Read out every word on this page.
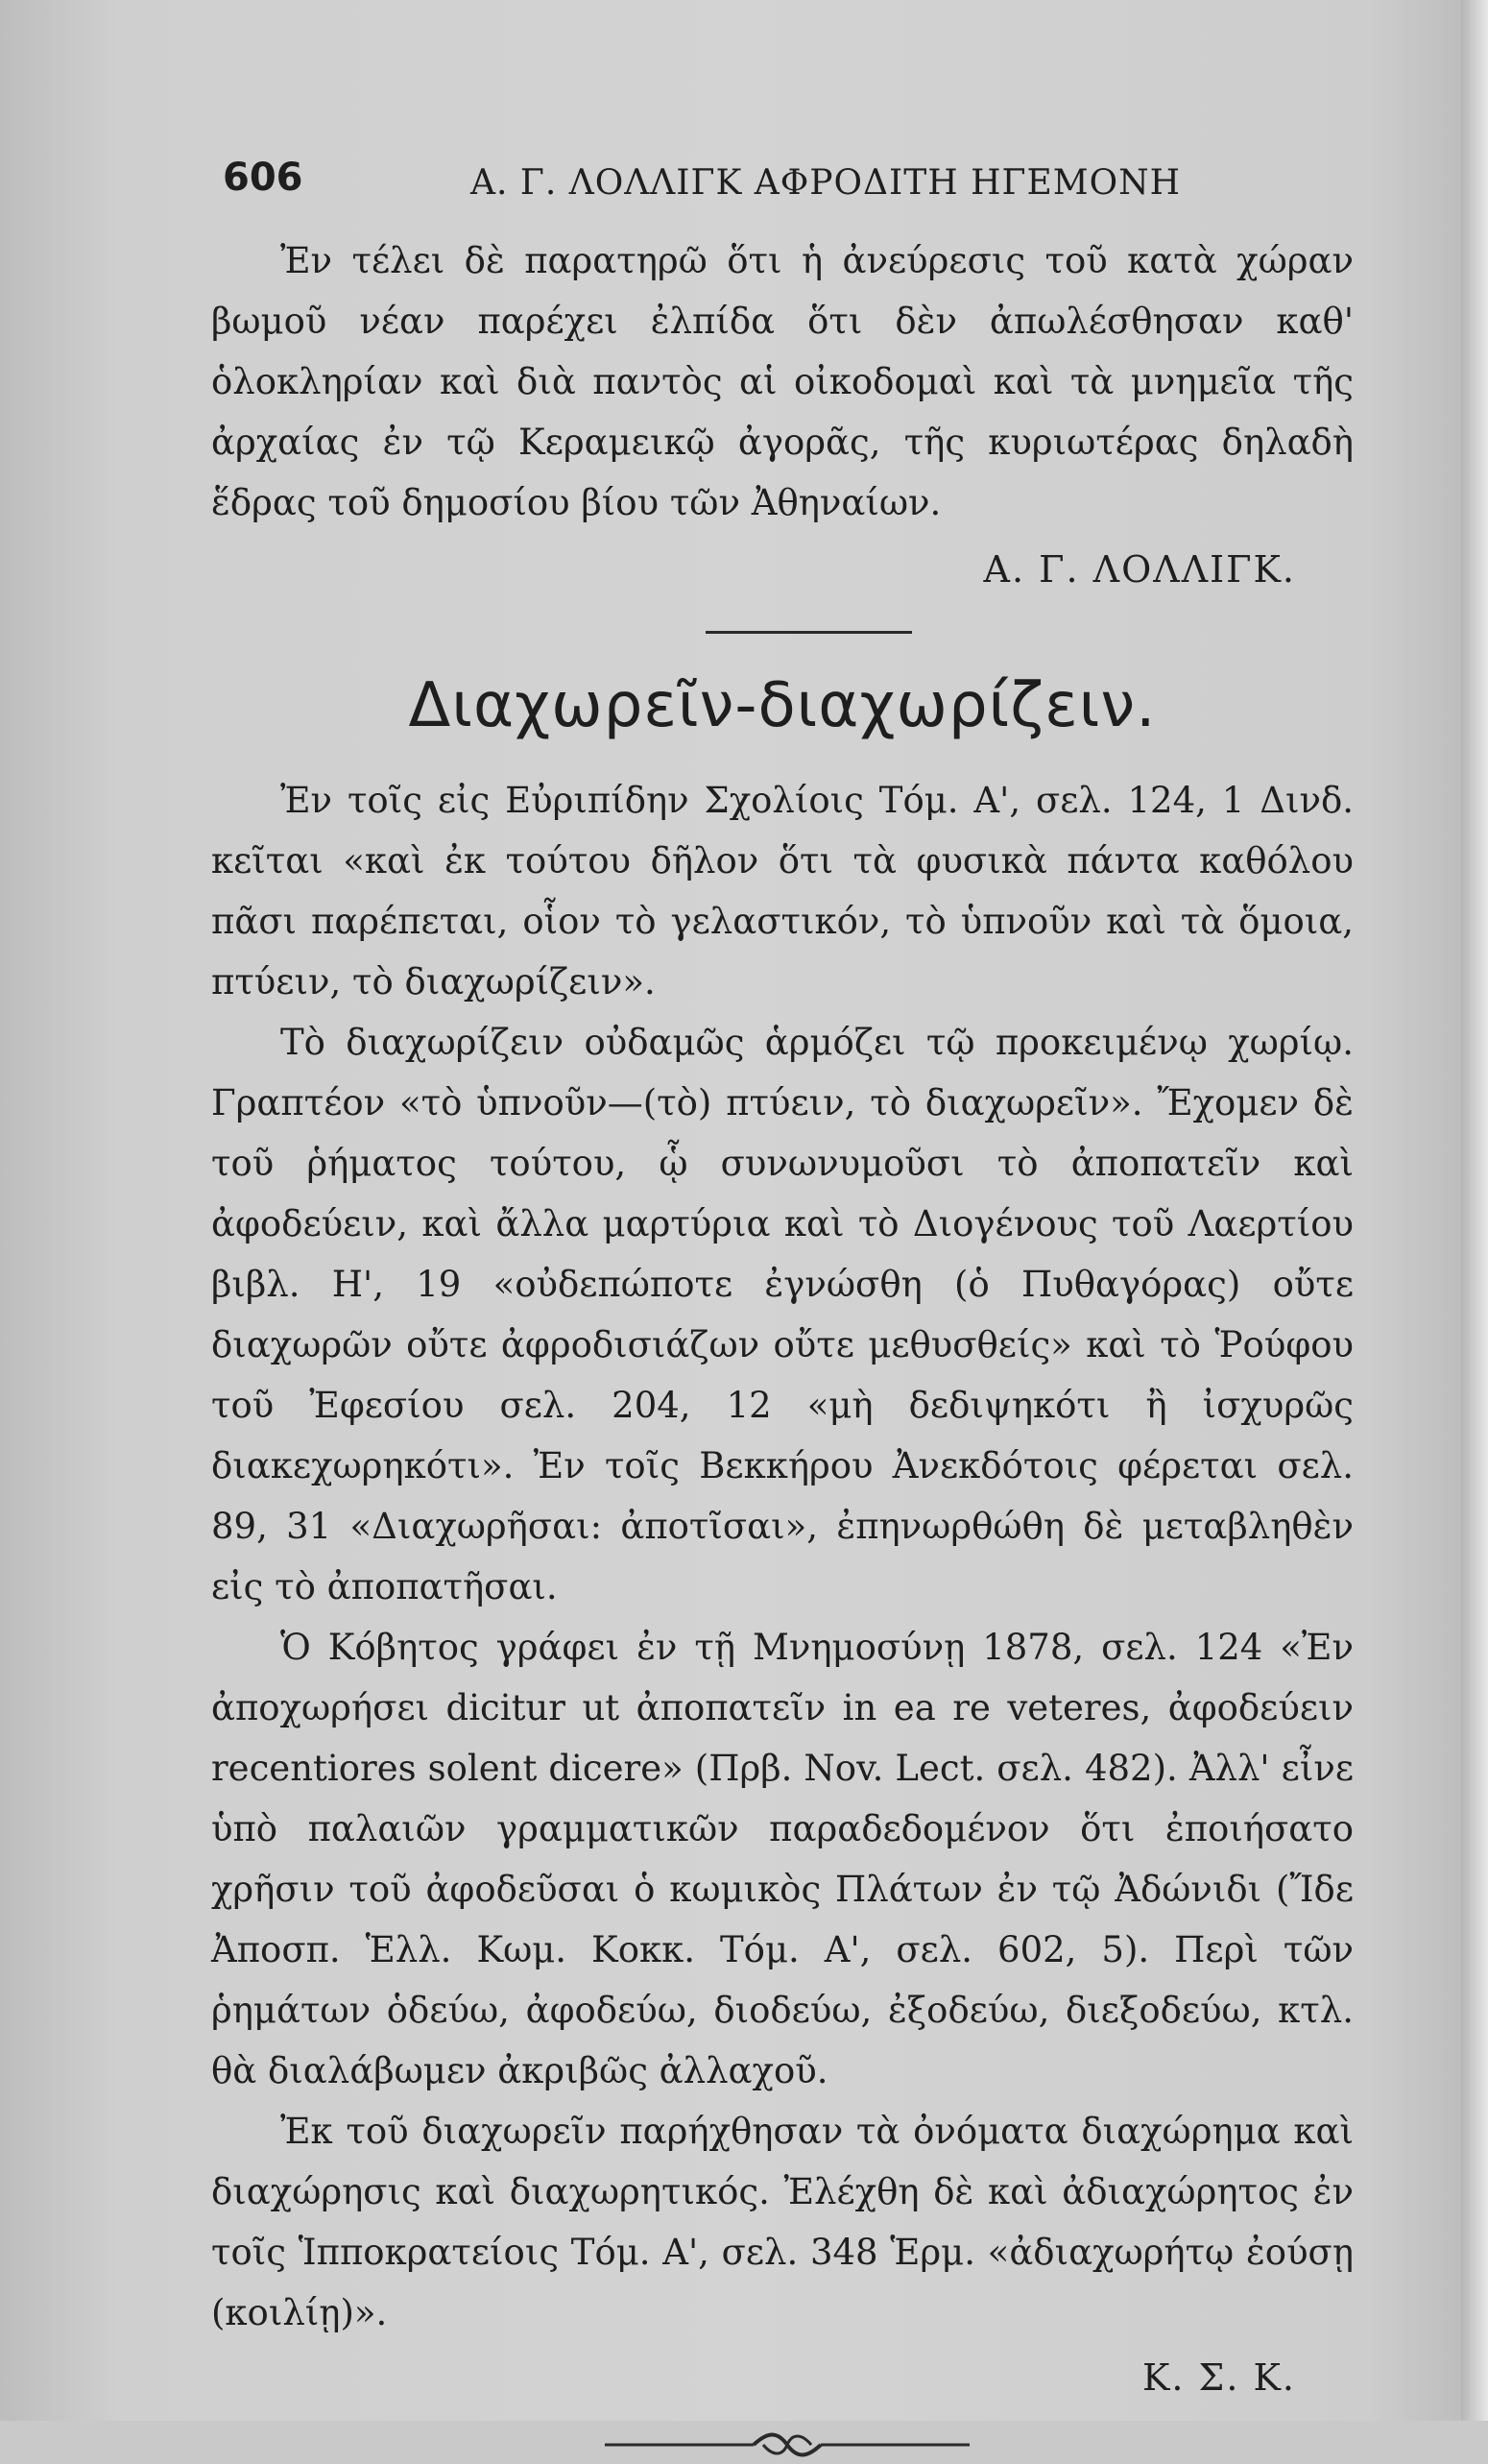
606	Α. Γ. ΛΟΛΛΙΓΚ ΑΦΡΟΔΙΤΗ ΗΓΕΜΟΝΗ

Ἐν τέλει δὲ παρατηρῶ ὅτι ἡ ἀνεύρεσις τοῦ κατὰ χώραν βωμοῦ νέαν παρέχει ἐλπίδα ὅτι δὲν ἀπωλέσθησαν καθ' ὁλοκληρίαν καὶ διὰ παντὸς αἱ οἰκοδομαὶ καὶ τὰ μνημεῖα τῆς ἀρχαίας ἐν τῷ Κεραμεικῷ ἀγορᾶς, τῆς κυριωτέρας δηλαδὴ ἕδρας τοῦ δημοσίου βίου τῶν Ἀθηναίων.

Α. Γ. ΛΟΛΛΙΓΚ.
Διαχωρεῖν-διαχωρίζειν.

Ἐν τοῖς εἰς Εὐριπίδην Σχολίοις Τόμ. Α', σελ. 124, 1 Δινδ. κεῖται «καὶ ἐκ τούτου δῆλον ὅτι τὰ φυσικὰ πάντα καθόλου πᾶσι παρέπεται, οἷον τὸ γελαστικόν, τὸ ὑπνοῦν καὶ τὰ ὅμοια, πτύειν, τὸ διαχωρίζειν».

Τὸ διαχωρίζειν οὐδαμῶς ἁρμόζει τῷ προκειμένῳ χωρίῳ. Γραπτέον «τὸ ὑπνοῦν—(τὸ) πτύειν, τὸ διαχωρεῖν». Ἔχομεν δὲ τοῦ ῥήματος τούτου, ᾧ συνωνυμοῦσι τὸ ἀποπατεῖν καὶ ἀφοδεύειν, καὶ ἄλλα μαρτύρια καὶ τὸ Διογένους τοῦ Λαερτίου βιβλ. Η', 19 «οὐδεπώποτε ἐγνώσθη (ὁ Πυθαγόρας) οὔτε διαχωρῶν οὔτε ἀφροδισιάζων οὔτε μεθυσθείς» καὶ τὸ Ῥούφου τοῦ Ἐφεσίου σελ. 204, 12 «μὴ δεδιψηκότι ἢ ἰσχυρῶς διακεχωρηκότι». Ἐν τοῖς Βεκκήρου Ἀνεκδότοις φέρεται σελ. 89, 31 «Διαχωρῆσαι: ἀποτῖσαι», ἐπηνωρθώθη δὲ μεταβληθὲν εἰς τὸ ἀποπατῆσαι.

Ὁ Κόβητος γράφει ἐν τῇ Μνημοσύνῃ 1878, σελ. 124 «Ἐν ἀποχωρήσει dicitur ut ἀποπατεῖν in ea re veteres, ἀφοδεύειν recentiores solent dicere» (Πρβ. Nov. Lect. σελ. 482). Ἀλλ' εἶνε ὑπὸ παλαιῶν γραμματικῶν παραδεδομένον ὅτι ἐποιήσατο χρῆσιν τοῦ ἀφοδεῦσαι ὁ κωμικὸς Πλάτων ἐν τῷ Ἀδώνιδι (Ἴδε Ἀποσπ. Ἑλλ. Κωμ. Κοκκ. Τόμ. Α', σελ. 602, 5). Περὶ τῶν ῥημάτων ὁδεύω, ἀφοδεύω, διοδεύω, ἐξοδεύω, διεξοδεύω, κτλ. θὰ διαλάβωμεν ἀκριβῶς ἀλλαχοῦ.

Ἐκ τοῦ διαχωρεῖν παρήχθησαν τὰ ὀνόματα διαχώρημα καὶ διαχώρησις καὶ διαχωρητικός. Ἐλέχθη δὲ καὶ ἀδιαχώρητος ἐν τοῖς Ἱπποκρατείοις Τόμ. Α', σελ. 348 Ἑρμ. «ἀδιαχωρήτῳ ἐούσῃ (κοιλίῃ)».

Κ. Σ. Κ.
